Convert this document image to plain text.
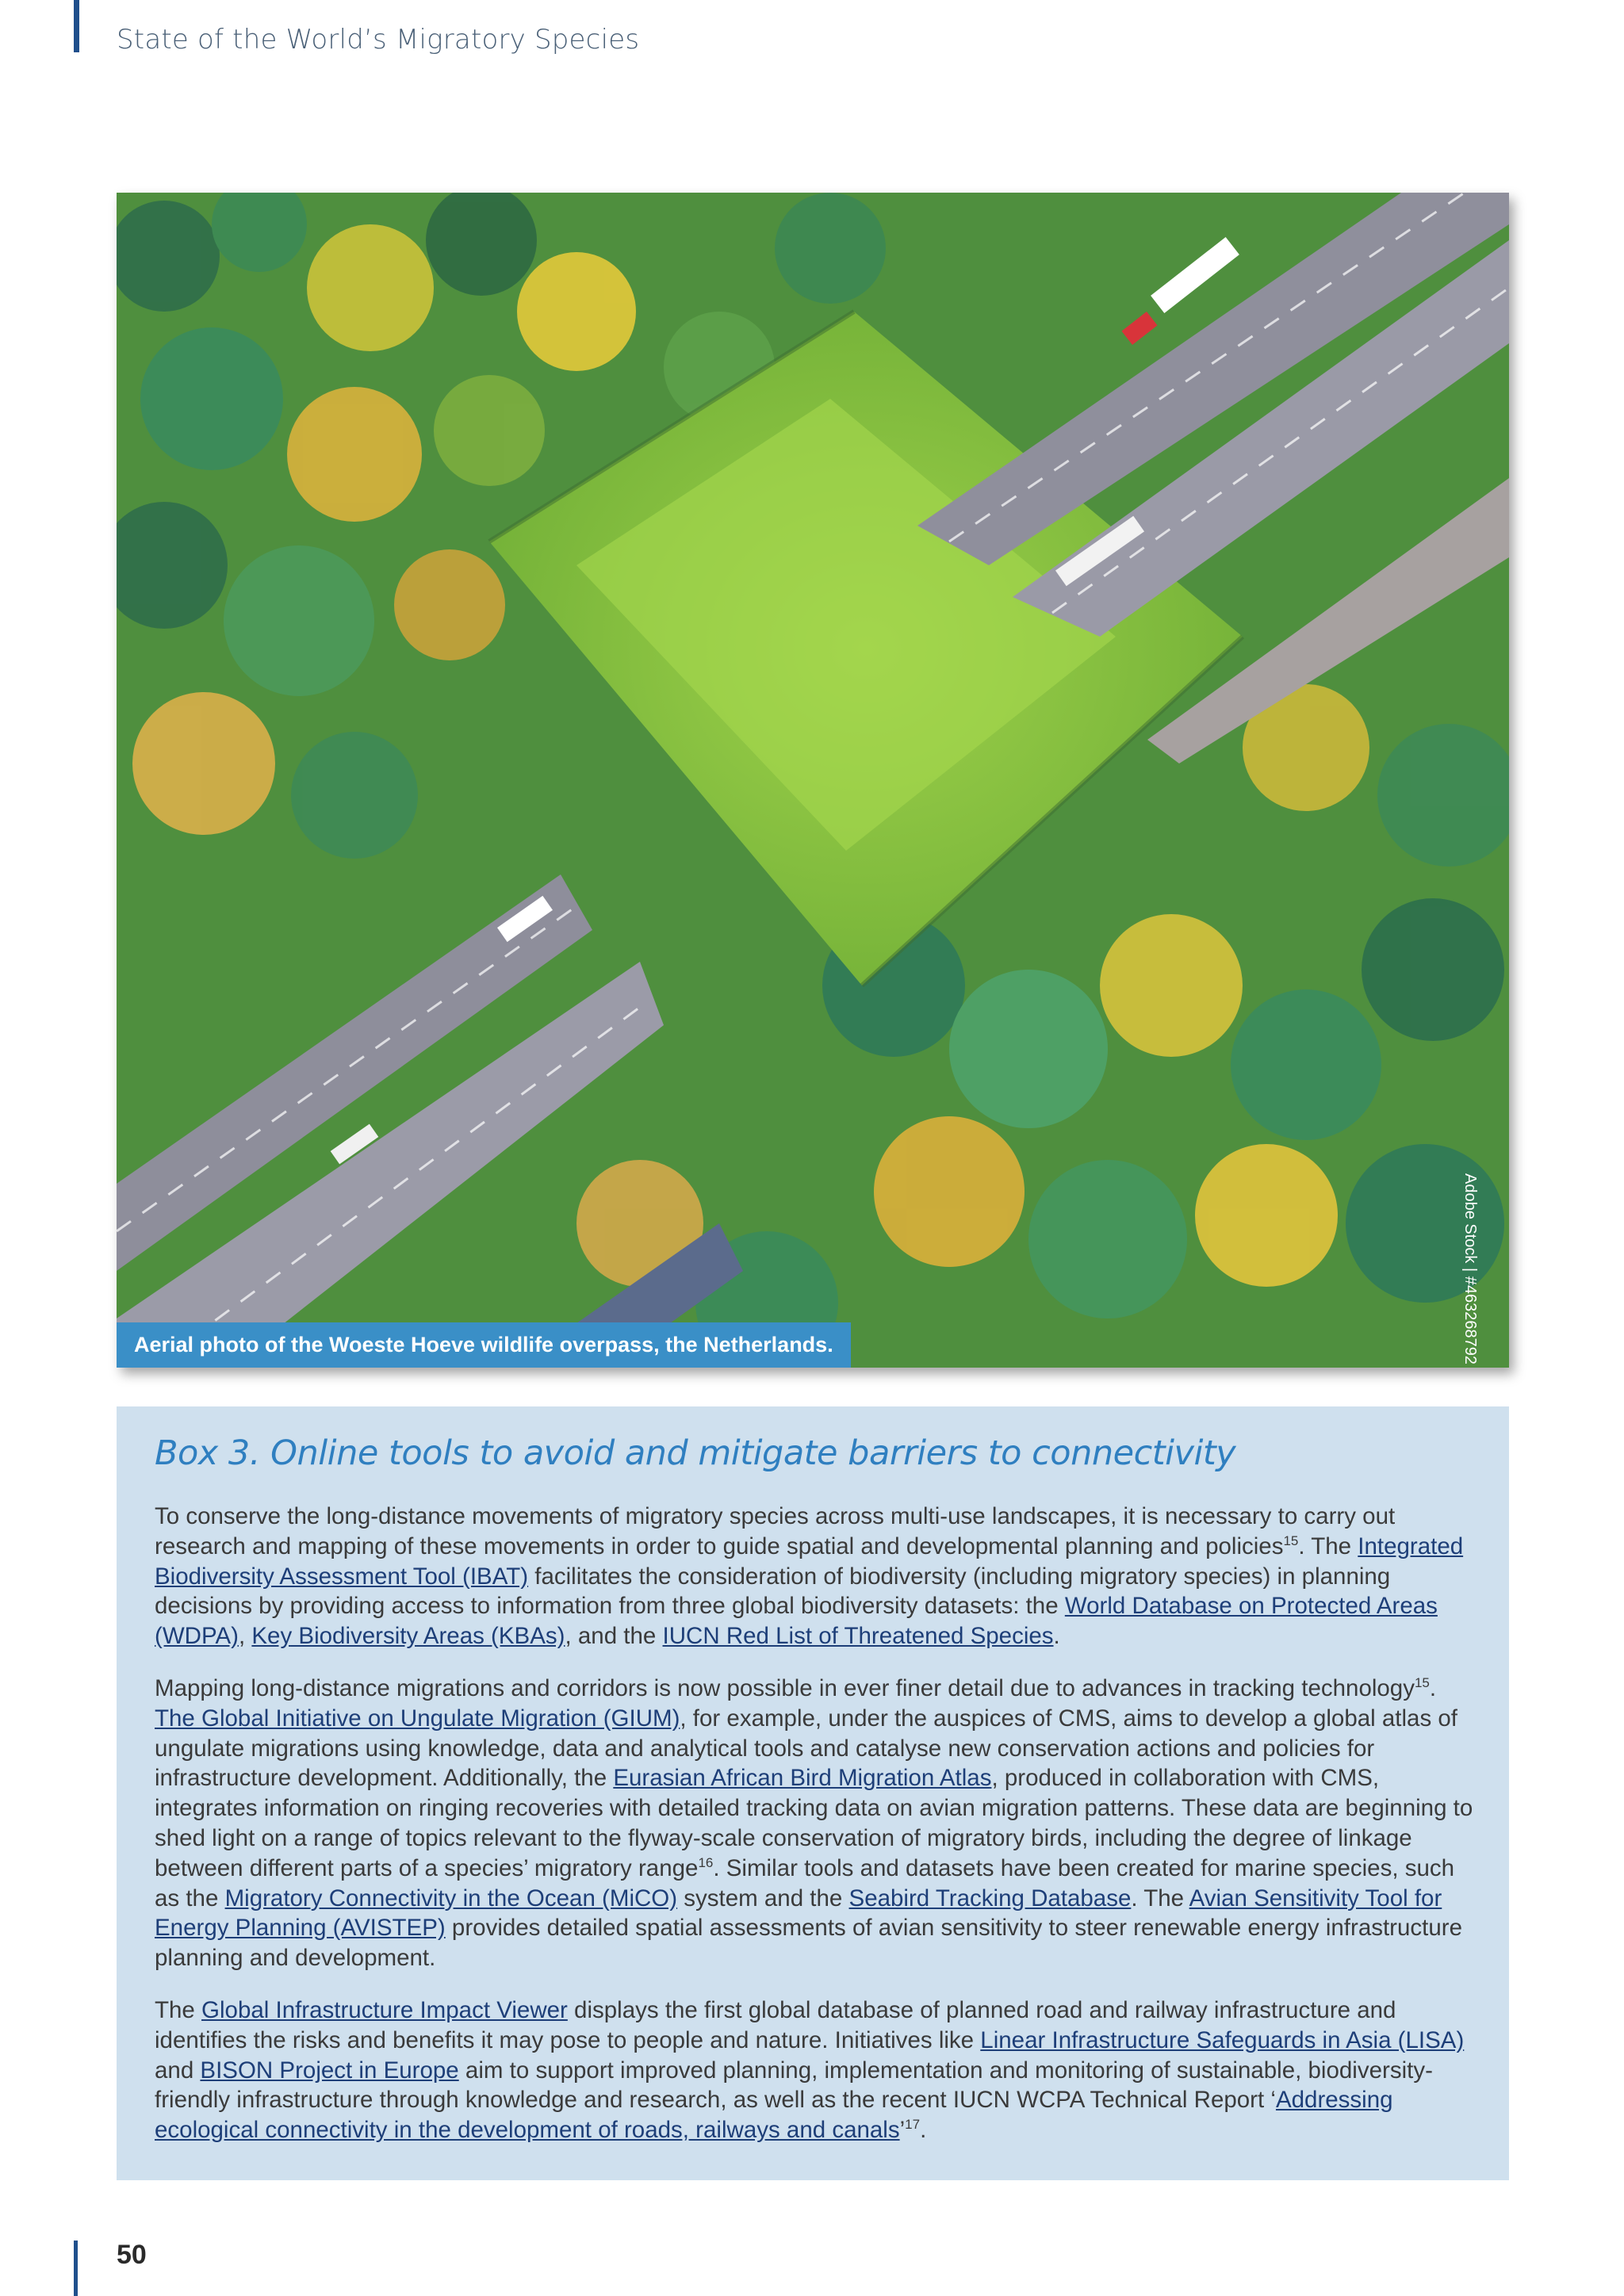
State of the World’s Migratory Species
Aerial photo of the Woeste Hoeve wildlife overpass, the Netherlands.	Adobe Stock | #463268792
Box 3. Online tools to avoid and mitigate barriers to connectivity

To conserve the long-distance movements of migratory species across multi-use landscapes, it is necessary to carry out research and mapping of these movements in order to guide spatial and developmental planning and policies$^{15}$. The Integrated Biodiversity Assessment Tool (IBAT) facilitates the consideration of biodiversity (including migratory species) in planning decisions by providing access to information from three global biodiversity datasets: the World Database on Protected Areas (WDPA), Key Biodiversity Areas (KBAs), and the IUCN Red List of Threatened Species.

Mapping long-distance migrations and corridors is now possible in ever finer detail due to advances in tracking technology$^{15}$. The Global Initiative on Ungulate Migration (GIUM), for example, under the auspices of CMS, aims to develop a global atlas of ungulate migrations using knowledge, data and analytical tools and catalyse new conservation actions and policies for infrastructure development. Additionally, the Eurasian African Bird Migration Atlas, produced in collaboration with CMS, integrates information on ringing recoveries with detailed tracking data on avian migration patterns. These data are beginning to shed light on a range of topics relevant to the flyway-scale conservation of migratory birds, including the degree of linkage between different parts of a species’ migratory range$^{16}$. Similar tools and datasets have been created for marine species, such as the Migratory Connectivity in the Ocean (MiCO) system and the Seabird Tracking Database. The Avian Sensitivity Tool for Energy Planning (AVISTEP) provides detailed spatial assessments of avian sensitivity to steer renewable energy infrastructure planning and development.

The Global Infrastructure Impact Viewer displays the first global database of planned road and railway infrastructure and identifies the risks and benefits it may pose to people and nature. Initiatives like Linear Infrastructure Safeguards in Asia (LISA) and BISON Project in Europe aim to support improved planning, implementation and monitoring of sustainable, biodiversity-friendly infrastructure through knowledge and research, as well as the recent IUCN WCPA Technical Report ‘Addressing ecological connectivity in the development of roads, railways and canals’$^{17}$.

50
